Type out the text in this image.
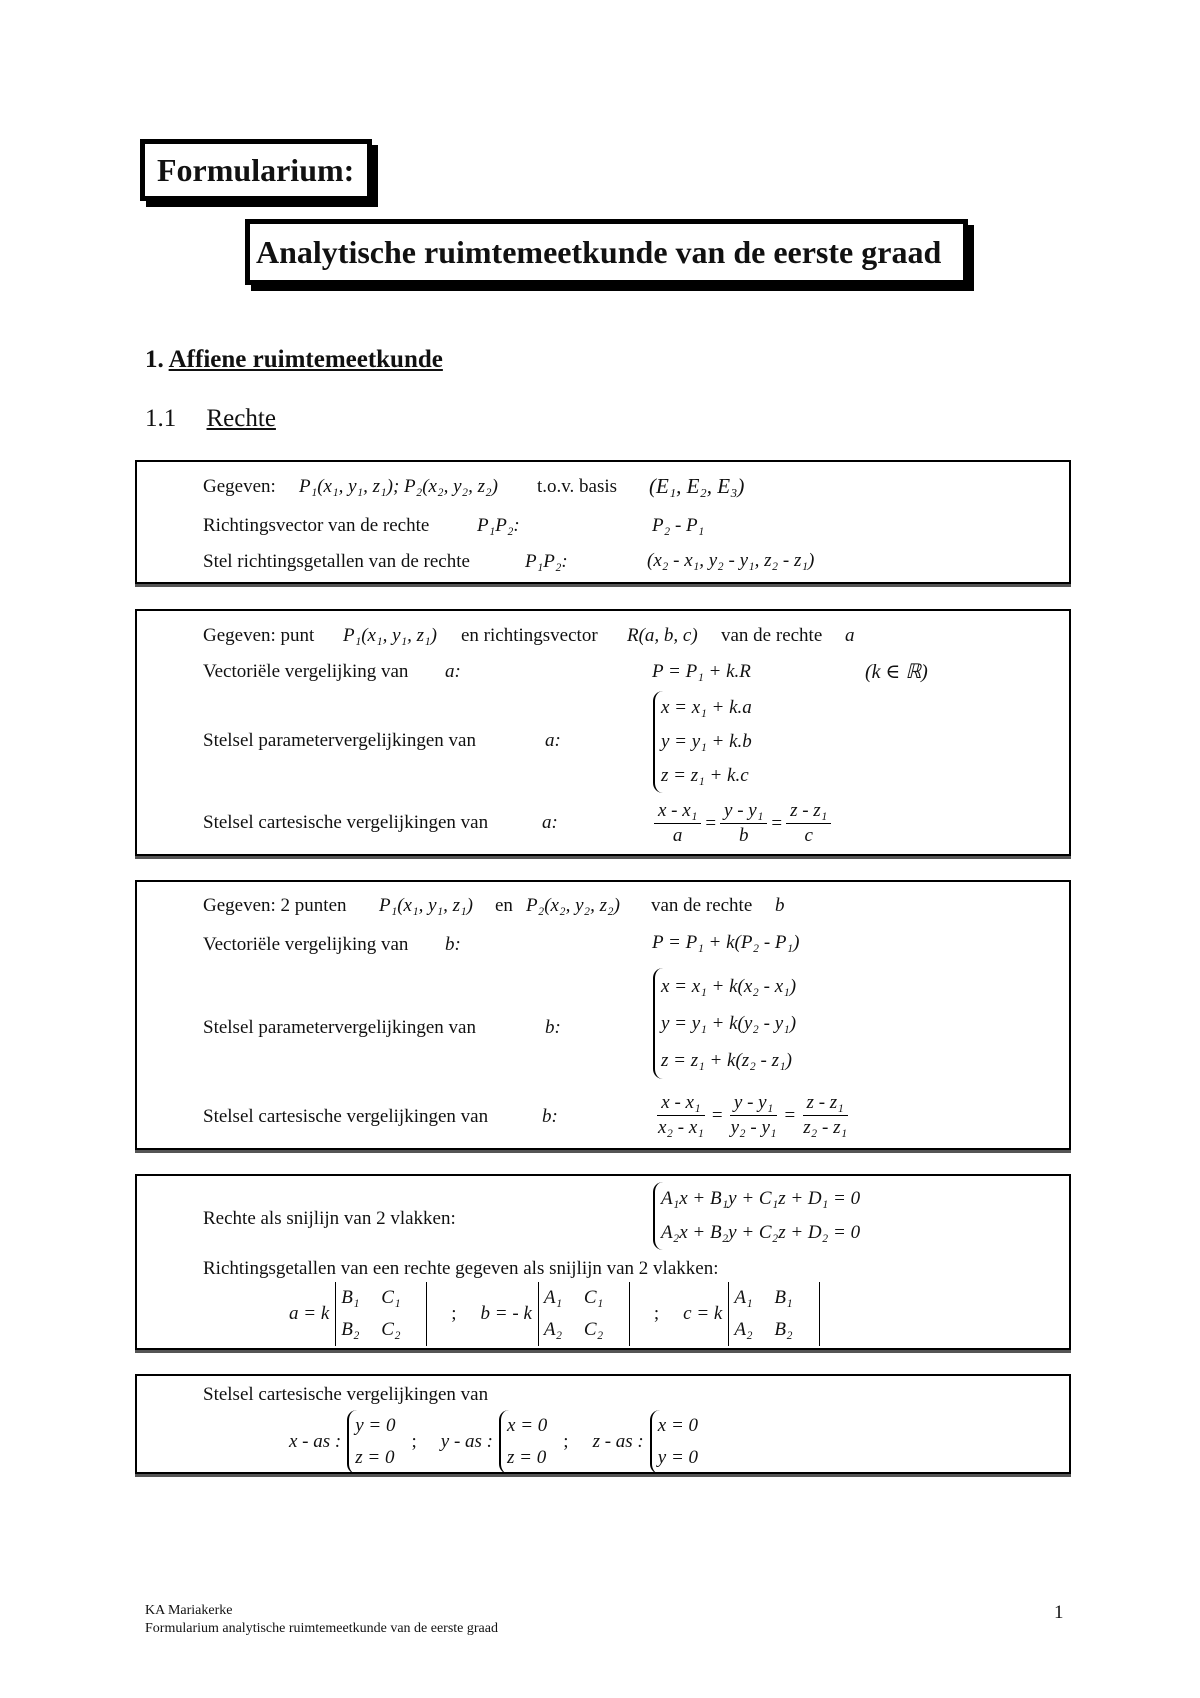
Formularium:
Analytische ruimtemeetkunde van de eerste graad
1. Affiene ruimtemeetkunde
1.1 Rechte
Gegeven: P₁(x₁, y₁, z₁); P₂(x₂, y₂, z₂) t.o.v. basis (E₁, E₂, E₃)
Richtingsvector van de rechte	P₁P₂:	P₂ - P₁
Stel richtingsgetallen van de rechte	P₁P₂:	(x₂ - x₁, y₂ - y₁, z₂ - z₁)
Gegeven: punt P₁(x₁, y₁, z₁) en richtingsvector R(a, b, c) van de rechte a
Vectoriële vergelijking van a:	P = P₁ + k.R	(k ∈ ℝ)
Stelsel parametervergelijkingen van	a:
x = x₁ + k.a
y = y₁ + k.b
z = z₁ + k.c
Stelsel cartesische vergelijkingen van	a:	$\frac{\text{x - x₁}}{a} = \frac{\text{y - y₁}}{b} = \frac{\text{z - z₁}}{c}$
Gegeven: 2 punten P₁(x₁, y₁, z₁) en P₂(x₂, y₂, z₂) van de rechte b
Vectoriële vergelijking van b:	P = P₁ + k(P₂ - P₁)
Stelsel parametervergelijkingen van	b:
x = x₁ + k(x₂ - x₁)
y = y₁ + k(y₂ - y₁)
z = z₁ + k(z₂ - z₁)
Stelsel cartesische vergelijkingen van	b:	$\frac{\text{x - x₁}}{\text{x₂ - x₁}} = \frac{\text{y - y₁}}{\text{y₂ - y₁}} = \frac{\text{z - z₁}}{\text{z₂ - z₁}}$
Rechte als snijlijn van 2 vlakken:
A₁x + B₁y + C₁z + D₁ = 0
A₂x + B₂y + C₂z + D₂ = 0
Richtingsgetallen van een rechte gegeven als snijlijn van 2 vlakken:
a = k
B₁ C₁
B₂ C₂
; b = - k
A₁ C₁
A₂ C₂
; c = k
A₁ B₁
A₂ B₂
Stelsel cartesische vergelijkingen van
x - as :
y = 0
z = 0
; y - as :
x = 0
z = 0
; z - as :
x = 0
y = 0
KA Mariakerke
Formularium analytische ruimtemeetkunde van de eerste graad
1
